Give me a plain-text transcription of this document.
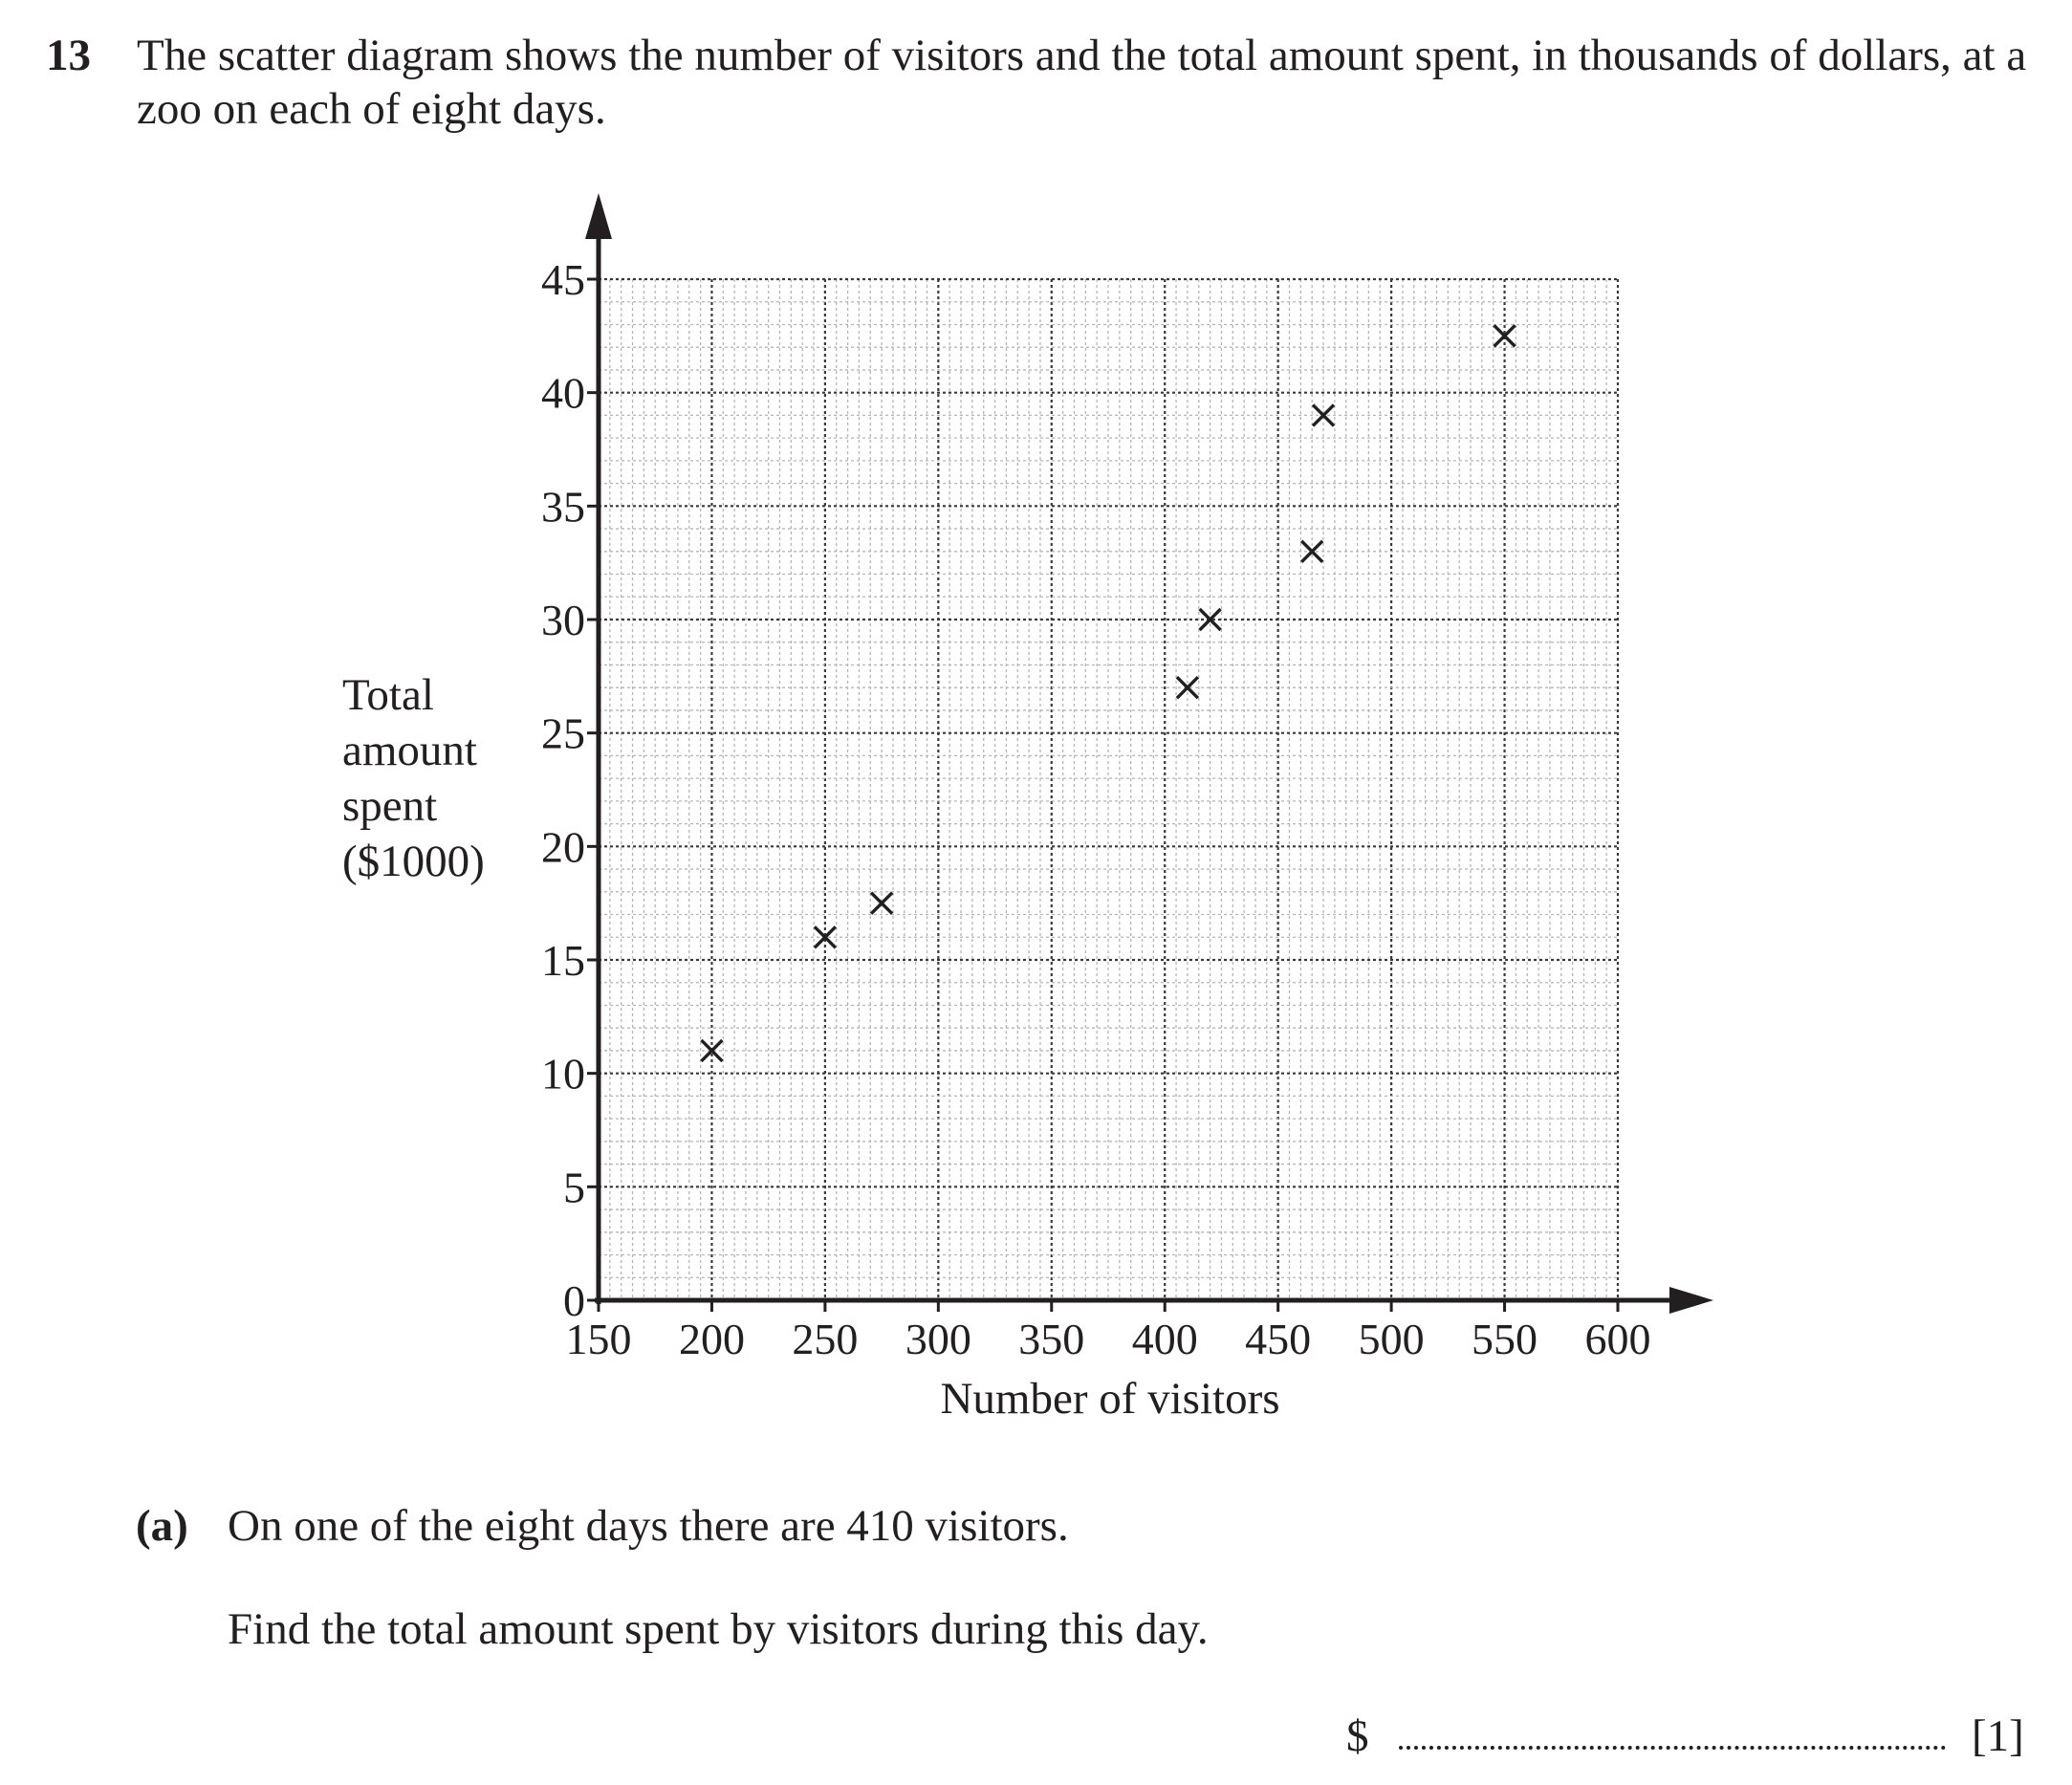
13 The scatter diagram shows the number of visitors and the total amount spent, in thousands of dollars, at a zoo on each of eight days.
150 200 250 300 350 400 450 500 550 600
0
5
10
15
20
25
30
35
40
45
Number of visitors
Total amount spent ($1000)
(a) On one of the eight days there are 410 visitors.
Find the total amount spent by visitors during this day.
$	[1]
